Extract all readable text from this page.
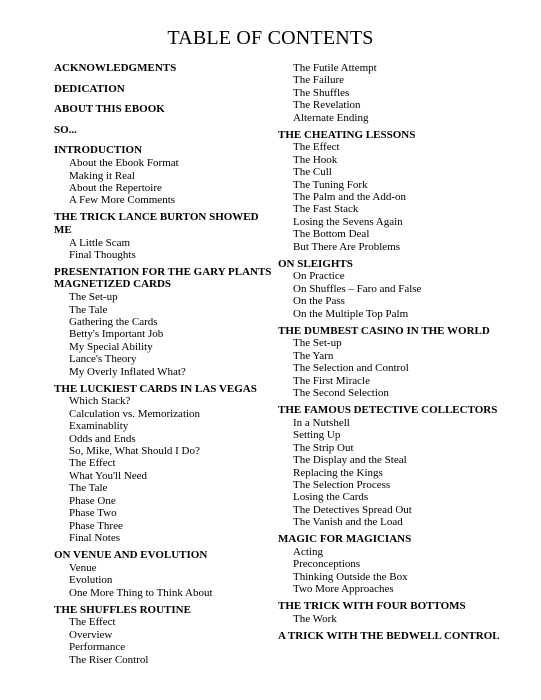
TABLE OF CONTENTS
ACKNOWLEDGMENTS
DEDICATION
ABOUT THIS EBOOK
SO...
INTRODUCTION
About the Ebook Format
Making it Real
About the Repertoire
A Few More Comments
THE TRICK LANCE BURTON SHOWED ME
A Little Scam
Final Thoughts
PRESENTATION FOR THE GARY PLANTS MAGNETIZED CARDS
The Set-up
The Tale
Gathering the Cards
Betty's Important Job
My Special Ability
Lance's Theory
My Overly Inflated What?
THE LUCKIEST CARDS IN LAS VEGAS
Which Stack?
Calculation vs. Memorization
Examinablity
Odds and Ends
So, Mike, What Should I Do?
The Effect
What You'll Need
The Tale
Phase One
Phase Two
Phase Three
Final Notes
ON VENUE AND EVOLUTION
Venue
Evolution
One More Thing to Think About
THE SHUFFLES ROUTINE
The Effect
Overview
Performance
The Riser Control
The Futile Attempt
The Failure
The Shuffles
The Revelation
Alternate Ending
THE CHEATING LESSONS
The Effect
The Hook
The Cull
The Tuning Fork
The Palm and the Add-on
The Fast Stack
Losing the Sevens Again
The Bottom Deal
But There Are Problems
ON SLEIGHTS
On Practice
On Shuffles – Faro and False
On the Pass
On the Multiple Top Palm
THE DUMBEST CASINO IN THE WORLD
The Set-up
The Yarn
The Selection and Control
The First Miracle
The Second Selection
THE FAMOUS DETECTIVE COLLECTORS
In a Nutshell
Setting Up
The Strip Out
The Display and the Steal
Replacing the Kings
The Selection Process
Losing the Cards
The Detectives Spread Out
The Vanish and the Load
MAGIC FOR MAGICIANS
Acting
Preconceptions
Thinking Outside the Box
Two More Approaches
THE TRICK WITH FOUR BOTTOMS
The Work
A TRICK WITH THE BEDWELL CONTROL
